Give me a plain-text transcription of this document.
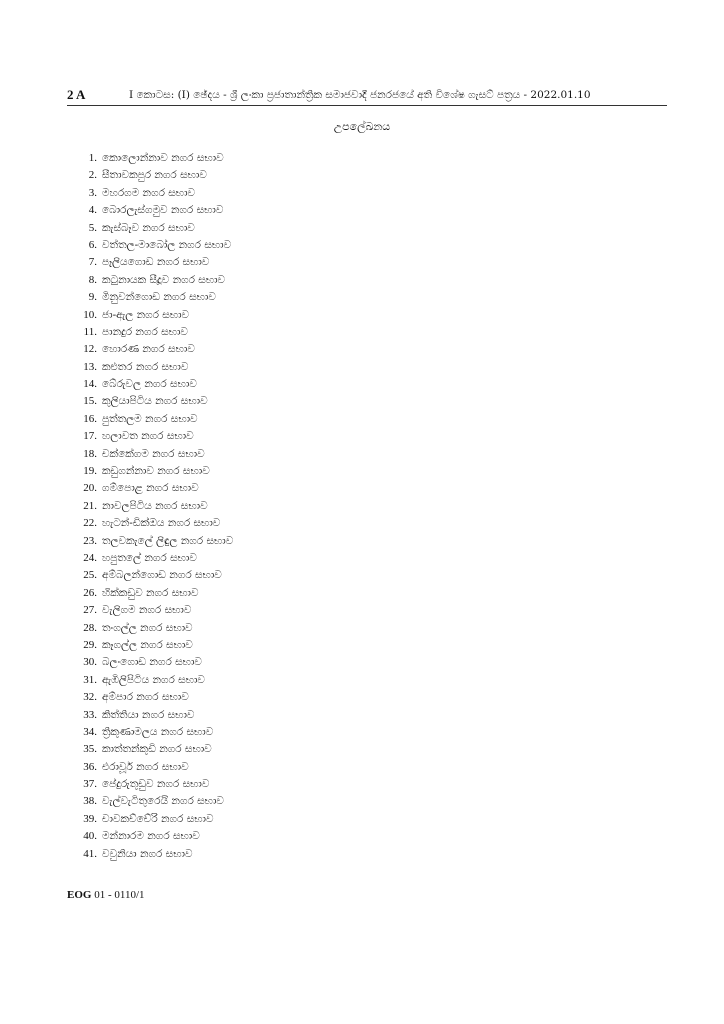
2 A	I කොටස: (I) ඡේදය - ශ්‍රී ලංකා ප්‍රජාතාන්ත්‍රික සමාජවාදී ජනරජයේ අති විශේෂ ගැසට් පත්‍රය - 2022.01.10
උපලේඛනය
1. කොලොන්නාව නගර සභාව
2. සීතාවකපුර නගර සභාව
3. මහරගම නගර සභාව
4. බොරලැස්ගමුව නගර සභාව
5. කැස්බෑව නගර සභාව
6. වත්තල-මාබෝල නගර සභාව
7. පෑලියගොඩ නගර සභාව
8. කටුනායක සීදූව නගර සභාව
9. මිනුවන්ගොඩ නගර සභාව
10. ජා-ඇල නගර සභාව
11. පානදුර නගර සභාව
12. හොරණ නගර සභාව
13. කළුතර නගර සභාව
14. බේරුවල නගර සභාව
15. කුලියාපිටිය නගර සභාව
16. පුත්තලම නගර සභාව
17. හලාවත නගර සභාව
18. චක්කේගම නගර සභාව
19. කඩුගන්නාව නගර සභාව
20. ගම්පොළ නගර සභාව
21. නාවලපිටිය නගර සභාව
22. හැටන්-ඩික්ඔය නගර සභාව
23. තලවකැලේ ලිඳුල නගර සභාව
24. හපුතලේ නගර සභාව
25. අම්බලන්ගොඩ නගර සභාව
26. හික්කඩුව නගර සභාව
27. වැලිගම නගර සභාව
28. තංගල්ල නගර සභාව
29. කෑගල්ල නගර සභාව
30. බලංගොඩ නගර සභාව
31. ඇඹිලිපිටිය නගර සභාව
32. අම්පාර නගර සභාව
33. කිත්තියා නගර සභාව
34. ත්‍රිකුණාමලය නගර සභාව
35. කාත්තන්කුඩි නගර සභාව
36. එරාවූර් නගර සභාව
37. පේදුරුතුඩුව නගර සභාව
38. වැල්වැටිතුරෙයි නගර සභාව
39. චාවකච්චේරි නගර සභාව
40. මන්නාරම නගර සභාව
41. වවුනියා නගර සභාව
EOG 01 - 0110/1
